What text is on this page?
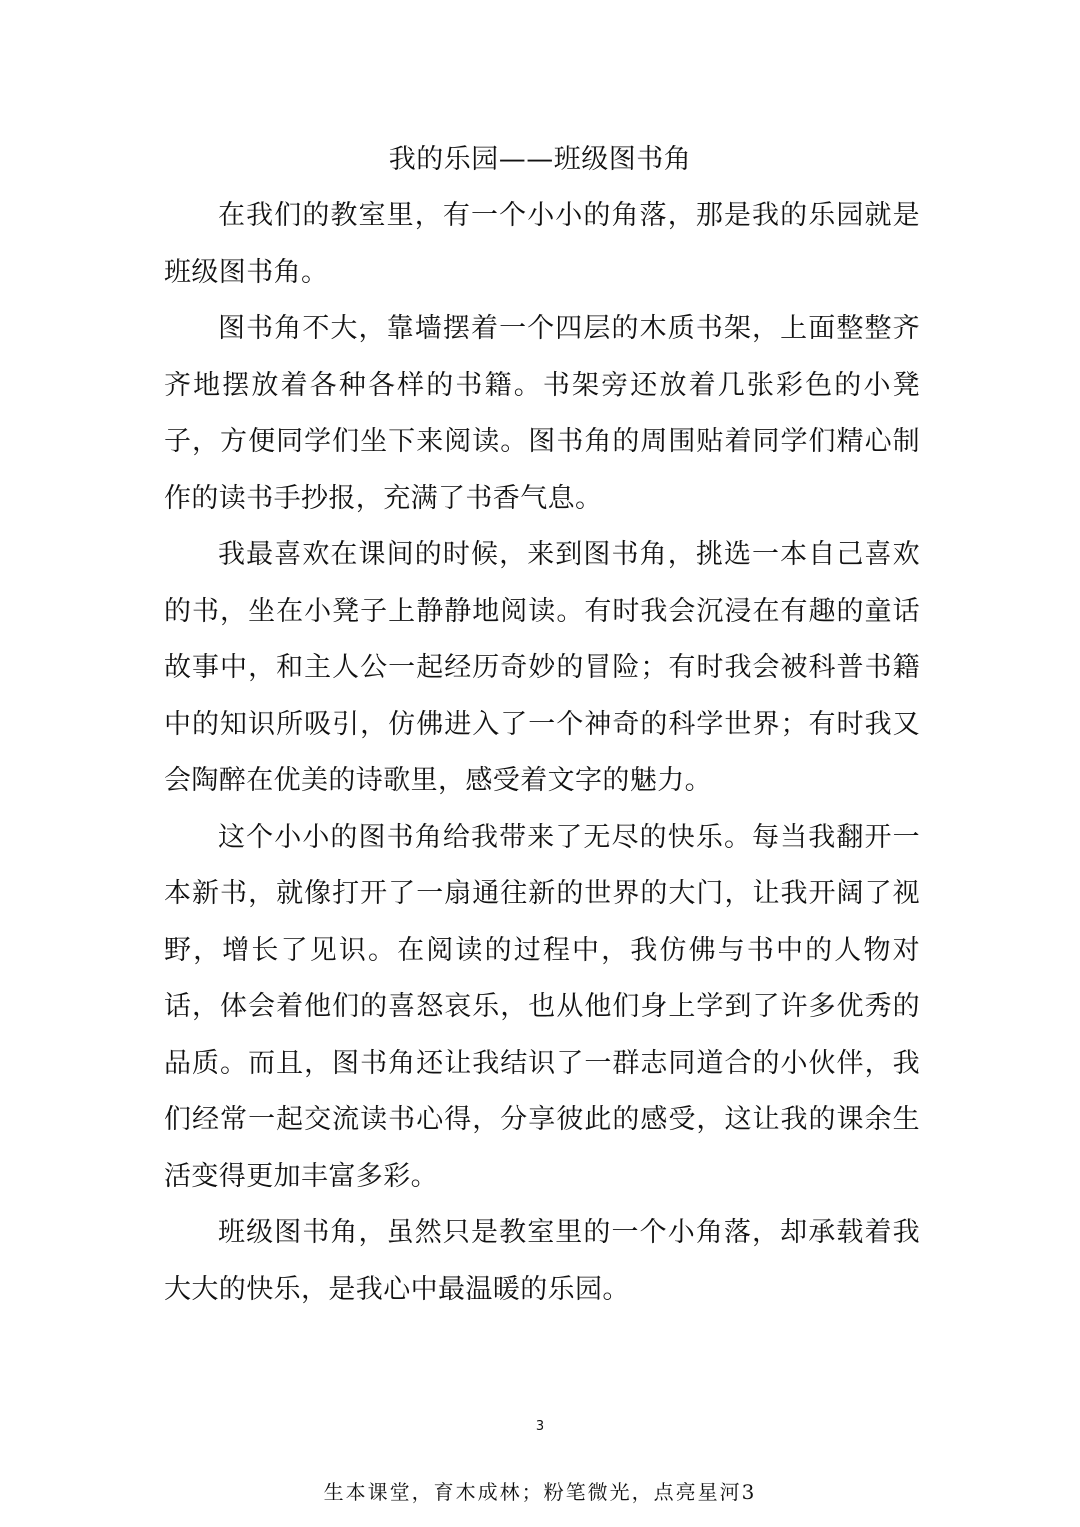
我的乐园——班级图书角

在我们的教室里，有一个小小的角落，那是我的乐园就是班级图书角。

图书角不大，靠墙摆着一个四层的木质书架，上面整整齐齐地摆放着各种各样的书籍。书架旁还放着几张彩色的小凳子，方便同学们坐下来阅读。图书角的周围贴着同学们精心制作的读书手抄报，充满了书香气息。

我最喜欢在课间的时候，来到图书角，挑选一本自己喜欢的书，坐在小凳子上静静地阅读。有时我会沉浸在有趣的童话故事中，和主人公一起经历奇妙的冒险；有时我会被科普书籍中的知识所吸引，仿佛进入了一个神奇的科学世界；有时我又会陶醉在优美的诗歌里，感受着文字的魅力。

这个小小的图书角给我带来了无尽的快乐。每当我翻开一本新书，就像打开了一扇通往新的世界的大门，让我开阔了视野，增长了见识。在阅读的过程中，我仿佛与书中的人物对话，体会着他们的喜怒哀乐，也从他们身上学到了许多优秀的品质。而且，图书角还让我结识了一群志同道合的小伙伴，我们经常一起交流读书心得，分享彼此的感受，这让我的课余生活变得更加丰富多彩。

班级图书角，虽然只是教室里的一个小角落，却承载着我大大的快乐，是我心中最温暖的乐园。

3
生本课堂，育木成林；粉笔微光，点亮星河3
